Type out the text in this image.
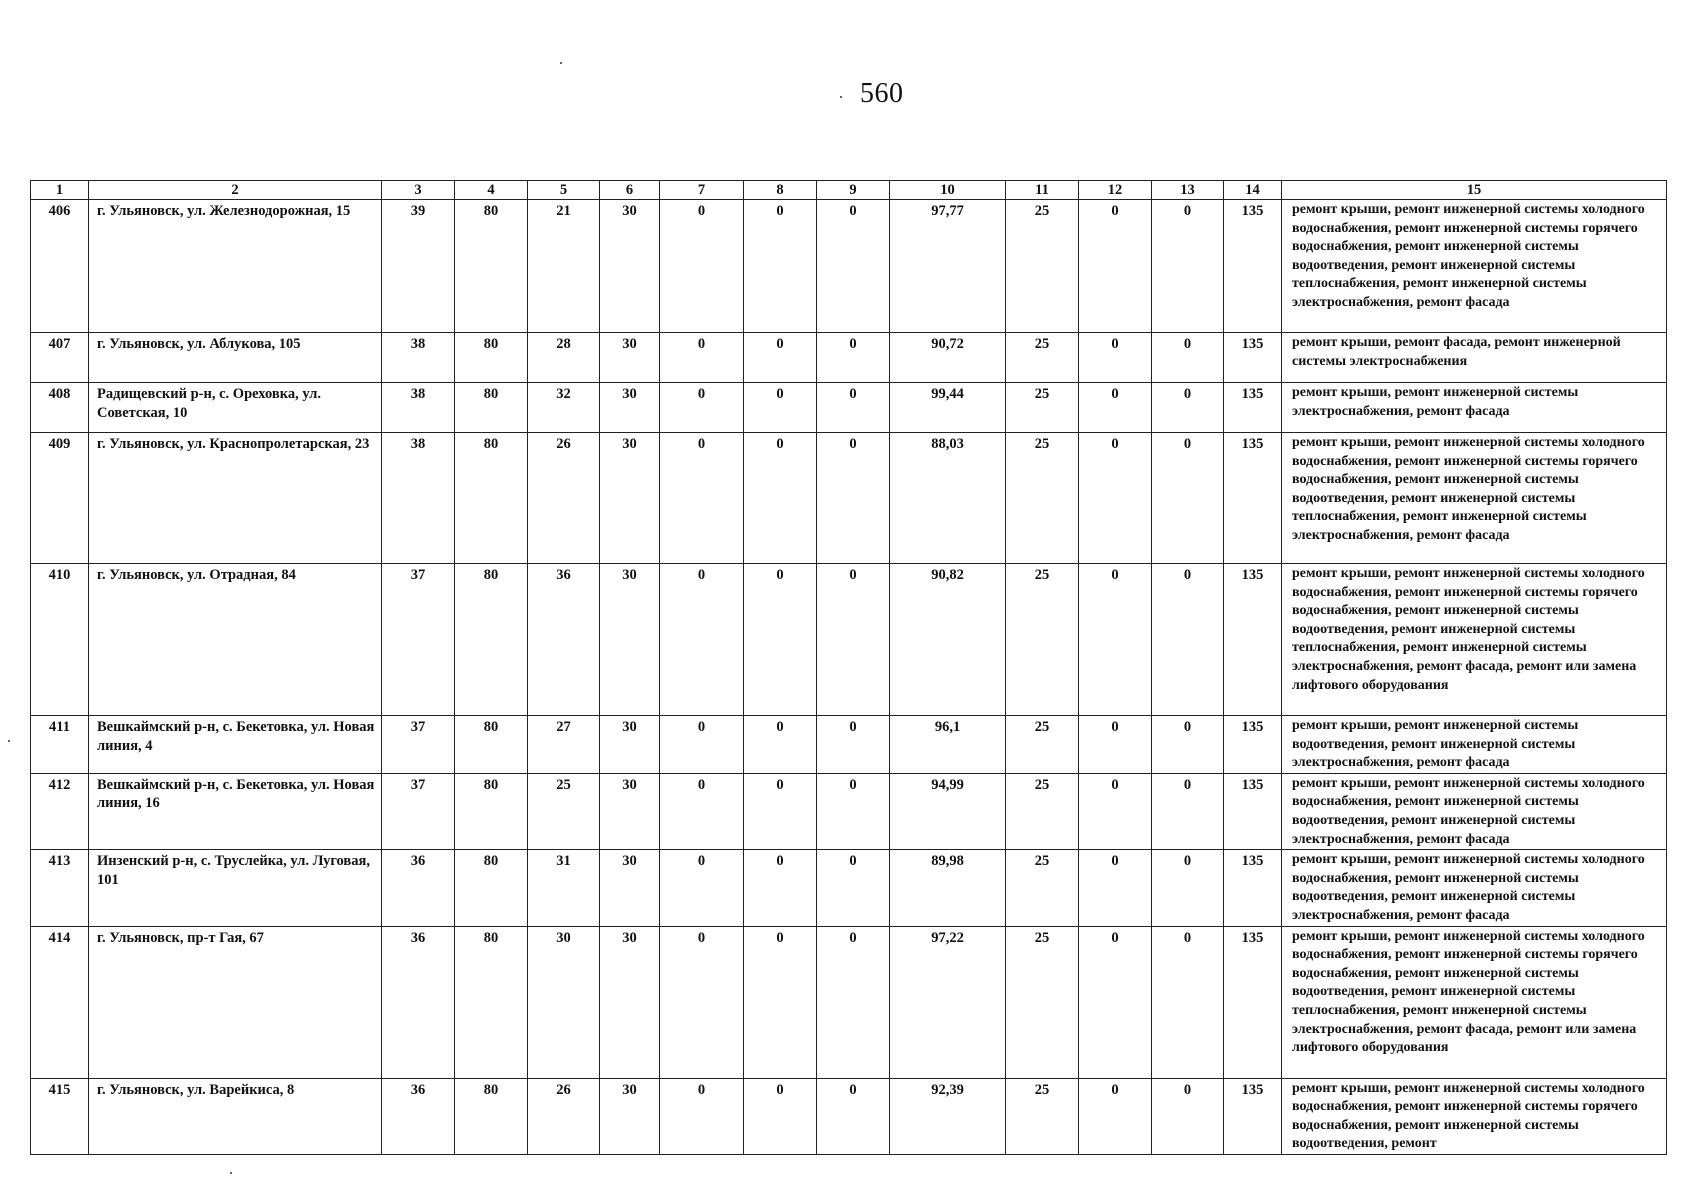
560
1	2	3	4	5	6	7	8	9	10	11	12	13	14	15
406	г. Ульяновск, ул. Железнодорожная, 15	39	80	21	30	0	0	0	97,77	25	0	0	135	ремонт крыши, ремонт инженерной системы холодного водоснабжения, ремонт инженерной системы горячего водоснабжения, ремонт инженерной системы водоотведения, ремонт инженерной системы теплоснабжения, ремонт инженерной системы электроснабжения, ремонт фасада
407	г. Ульяновск, ул. Аблукова, 105	38	80	28	30	0	0	0	90,72	25	0	0	135	ремонт крыши, ремонт фасада, ремонт инженерной системы электроснабжения
408	Радищевский р-н, с. Ореховка, ул. Советская, 10	38	80	32	30	0	0	0	99,44	25	0	0	135	ремонт крыши, ремонт инженерной системы электроснабжения, ремонт фасада
409	г. Ульяновск, ул. Краснопролетарская, 23	38	80	26	30	0	0	0	88,03	25	0	0	135	ремонт крыши, ремонт инженерной системы холодного водоснабжения, ремонт инженерной системы горячего водоснабжения, ремонт инженерной системы водоотведения, ремонт инженерной системы теплоснабжения, ремонт инженерной системы электроснабжения, ремонт фасада
410	г. Ульяновск, ул. Отрадная, 84	37	80	36	30	0	0	0	90,82	25	0	0	135	ремонт крыши, ремонт инженерной системы холодного водоснабжения, ремонт инженерной системы горячего водоснабжения, ремонт инженерной системы водоотведения, ремонт инженерной системы теплоснабжения, ремонт инженерной системы электроснабжения, ремонт фасада, ремонт или замена лифтового оборудования
411	Вешкаймский р-н, с. Бекетовка, ул. Новая линия, 4	37	80	27	30	0	0	0	96,1	25	0	0	135	ремонт крыши, ремонт инженерной системы водоотведения, ремонт инженерной системы электроснабжения, ремонт фасада
412	Вешкаймский р-н, с. Бекетовка, ул. Новая линия, 16	37	80	25	30	0	0	0	94,99	25	0	0	135	ремонт крыши, ремонт инженерной системы холодного водоснабжения, ремонт инженерной системы водоотведения, ремонт инженерной системы электроснабжения, ремонт фасада
413	Инзенский р-н, с. Труслейка, ул. Луговая, 101	36	80	31	30	0	0	0	89,98	25	0	0	135	ремонт крыши, ремонт инженерной системы холодного водоснабжения, ремонт инженерной системы водоотведения, ремонт инженерной системы электроснабжения, ремонт фасада
414	г. Ульяновск, пр-т Гая, 67	36	80	30	30	0	0	0	97,22	25	0	0	135	ремонт крыши, ремонт инженерной системы холодного водоснабжения, ремонт инженерной системы горячего водоснабжения, ремонт инженерной системы водоотведения, ремонт инженерной системы теплоснабжения, ремонт инженерной системы электроснабжения, ремонт фасада, ремонт или замена лифтового оборудования
415	г. Ульяновск, ул. Варейкиса, 8	36	80	26	30	0	0	0	92,39	25	0	0	135	ремонт крыши, ремонт инженерной системы холодного водоснабжения, ремонт инженерной системы горячего водоснабжения, ремонт инженерной системы водоотведения, ремонт
